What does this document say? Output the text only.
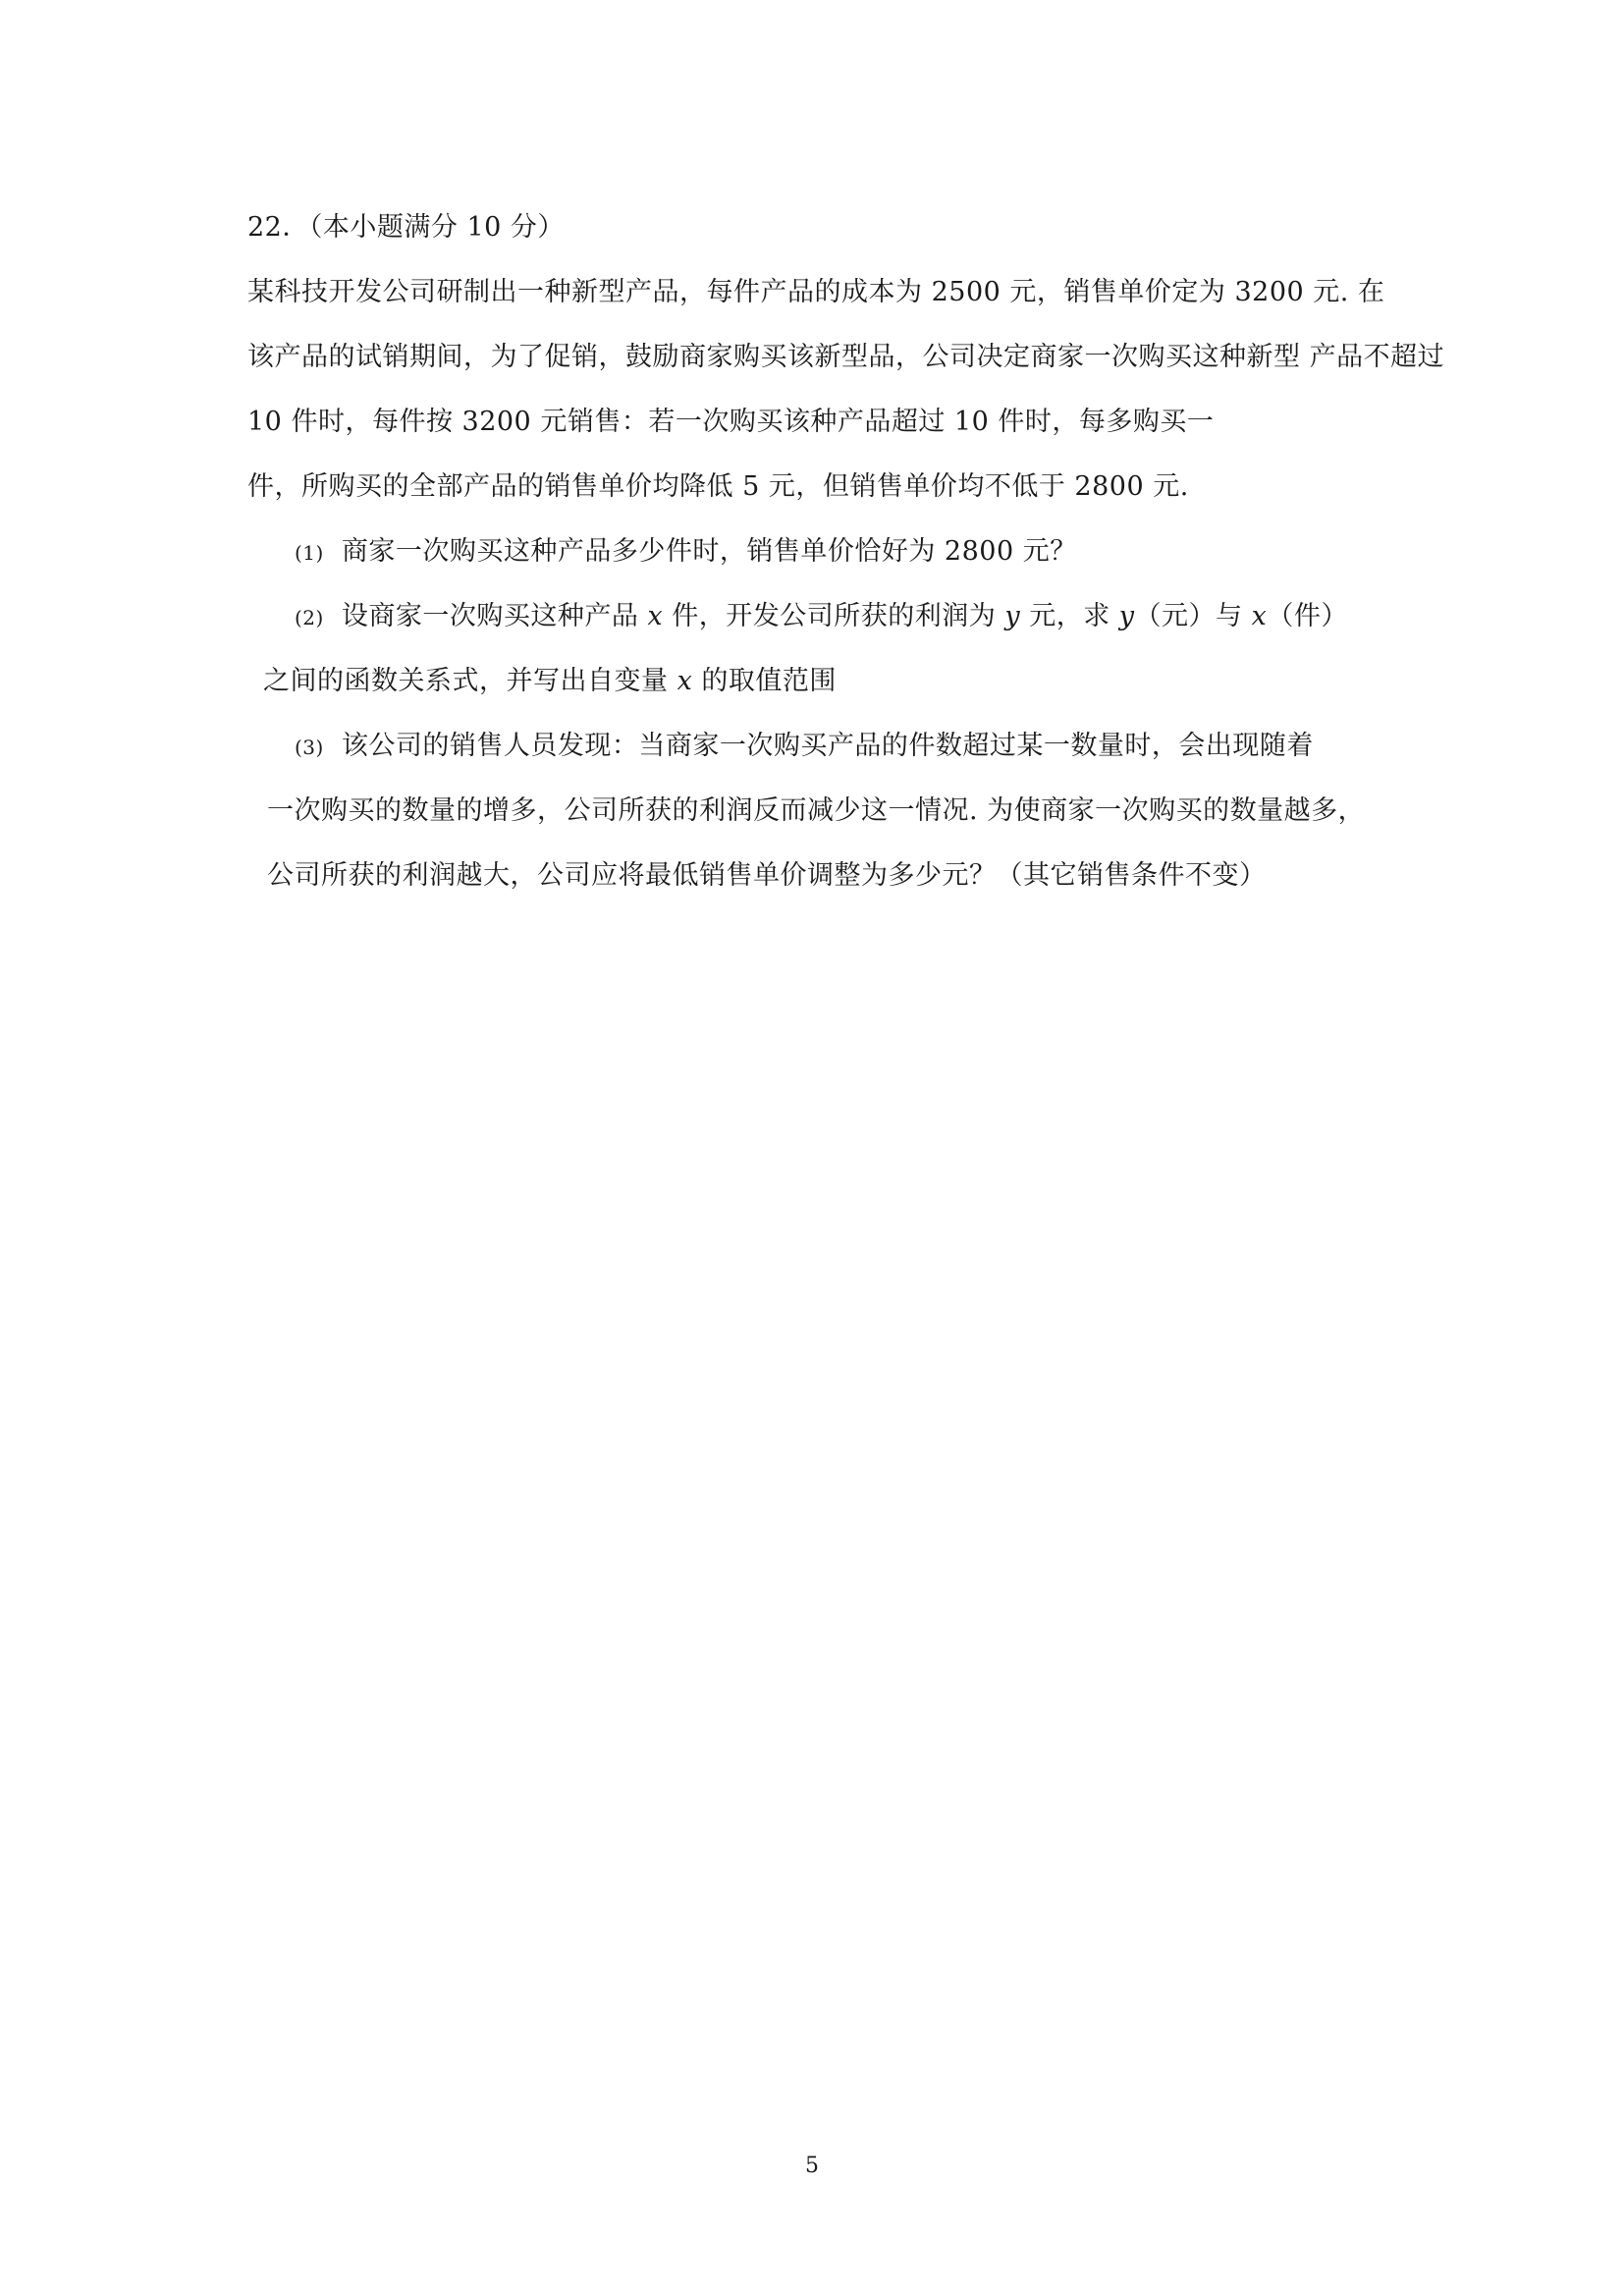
22．（本小题满分 10 分）
某科技开发公司研制出一种新型产品，每件产品的成本为 2500 元，销售单价定为 3200 元. 在
该产品的试销期间，为了促销，鼓励商家购买该新型品，公司决定商家一次购买这种新型 产品不超过
10 件时，每件按 3200 元销售：若一次购买该种产品超过 10 件时，每多购买一
件，所购买的全部产品的销售单价均降低 5 元，但销售单价均不低于 2800 元.
(1) 商家一次购买这种产品多少件时，销售单价恰好为 2800 元？
(2) 设商家一次购买这种产品 x 件，开发公司所获的利润为 y 元，求 y（元）与 x（件）
之间的函数关系式，并写出自变量 x 的取值范围
(3) 该公司的销售人员发现：当商家一次购买产品的件数超过某一数量时，会出现随着
一次购买的数量的增多，公司所获的利润反而减少这一情况. 为使商家一次购买的数量越多，
公司所获的利润越大，公司应将最低销售单价调整为多少元？（其它销售条件不变）
5
